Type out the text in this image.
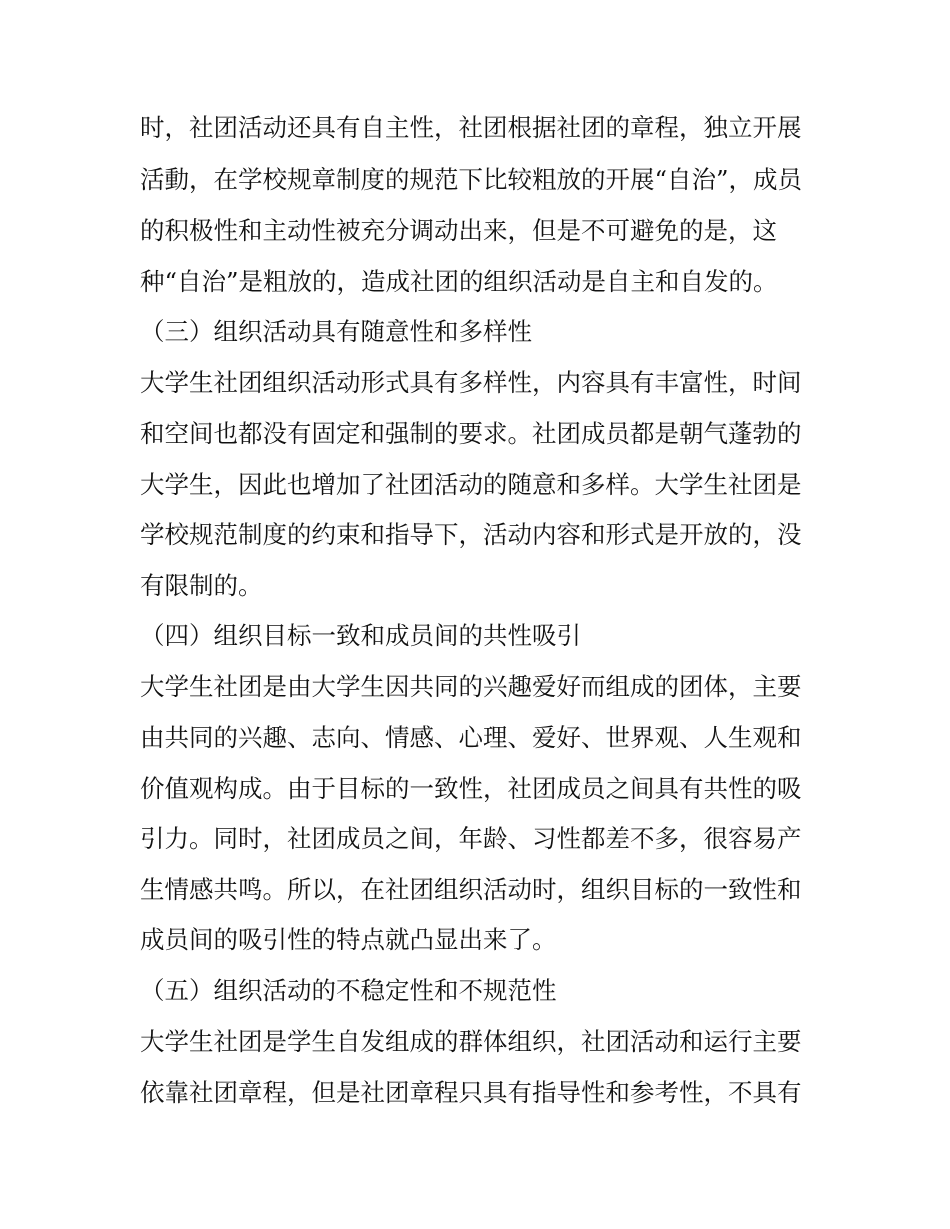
时，社团活动还具有自主性，社团根据社团的章程，独立开展
活動，在学校规章制度的规范下比较粗放的开展“自治”，成员
的积极性和主动性被充分调动出来，但是不可避免的是，这
种“自治”是粗放的，造成社团的组织活动是自主和自发的。
（三）组织活动具有随意性和多样性
大学生社团组织活动形式具有多样性，内容具有丰富性，时间
和空间也都没有固定和强制的要求。社团成员都是朝气蓬勃的
大学生，因此也增加了社团活动的随意和多样。大学生社团是
学校规范制度的约束和指导下，活动内容和形式是开放的，没
有限制的。
（四）组织目标一致和成员间的共性吸引
大学生社团是由大学生因共同的兴趣爱好而组成的团体，主要
由共同的兴趣、志向、情感、心理、爱好、世界观、人生观和
价值观构成。由于目标的一致性，社团成员之间具有共性的吸
引力。同时，社团成员之间，年龄、习性都差不多，很容易产
生情感共鸣。所以，在社团组织活动时，组织目标的一致性和
成员间的吸引性的特点就凸显出来了。
（五）组织活动的不稳定性和不规范性
大学生社团是学生自发组成的群体组织，社团活动和运行主要
依靠社团章程，但是社团章程只具有指导性和参考性，不具有
